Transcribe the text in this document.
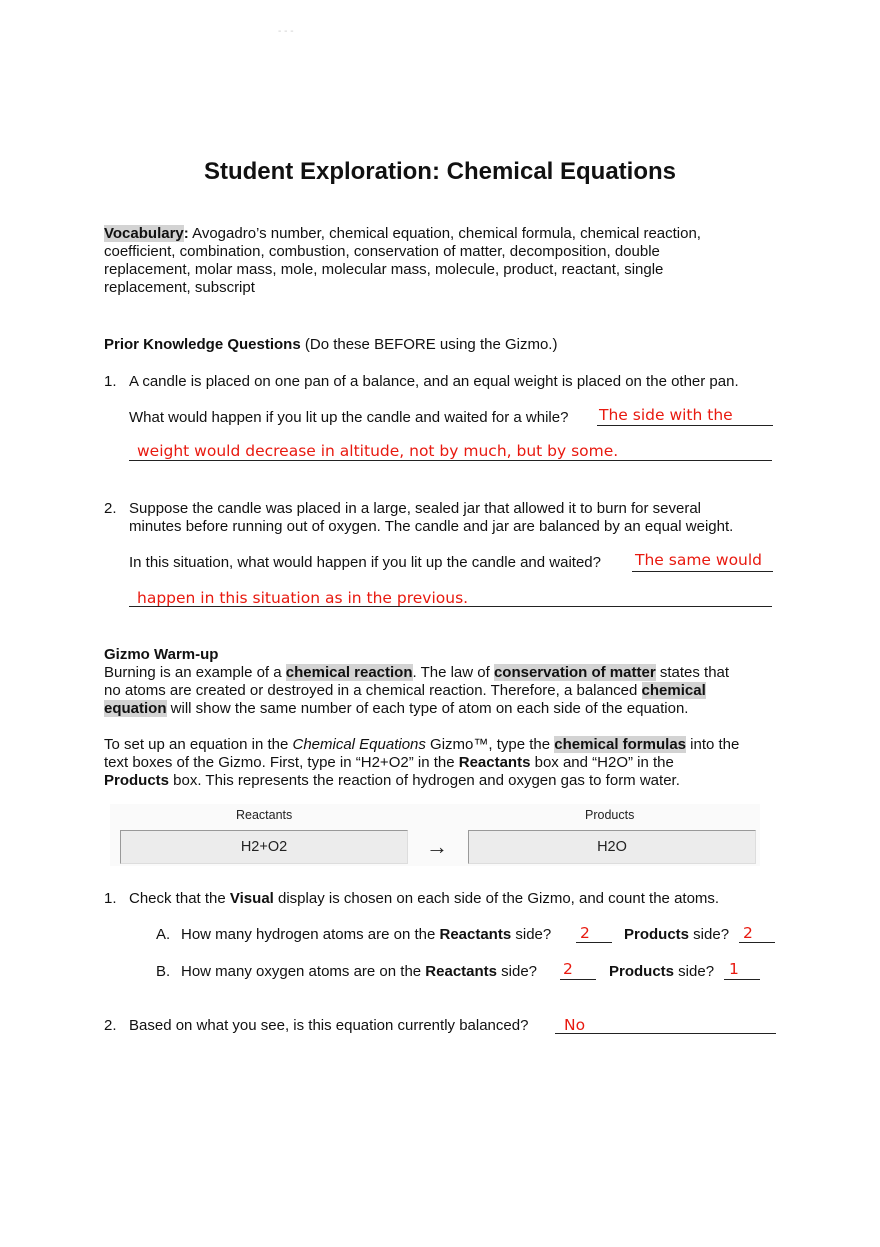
- - -
Student Exploration: Chemical Equations
Vocabulary: Avogadro’s number, chemical equation, chemical formula, chemical reaction,
coefficient, combination, combustion, conservation of matter, decomposition, double
replacement, molar mass, mole, molecular mass, molecule, product, reactant, single
replacement, subscript
Prior Knowledge Questions (Do these BEFORE using the Gizmo.)
1. A candle is placed on one pan of a balance, and an equal weight is placed on the other pan.
What would happen if you lit up the candle and waited for a while? The side with the
weight would decrease in altitude, not by much, but by some.
2. Suppose the candle was placed in a large, sealed jar that allowed it to burn for several
minutes before running out of oxygen. The candle and jar are balanced by an equal weight.
In this situation, what would happen if you lit up the candle and waited? The same would
happen in this situation as in the previous.
Gizmo Warm-up
Burning is an example of a chemical reaction. The law of conservation of matter states that
no atoms are created or destroyed in a chemical reaction. Therefore, a balanced chemical
equation will show the same number of each type of atom on each side of the equation.
To set up an equation in the Chemical Equations Gizmo™, type the chemical formulas into the
text boxes of the Gizmo. First, type in “H2+O2” in the Reactants box and “H2O” in the
Products box. This represents the reaction of hydrogen and oxygen gas to form water.
Reactants
H2+O2	→
Products
H2O
1. Check that the Visual display is chosen on each side of the Gizmo, and count the atoms.
A. How many hydrogen atoms are on the Reactants side? 2 Products side? 2
B. How many oxygen atoms are on the Reactants side? 2 Products side? 1
2. Based on what you see, is this equation currently balanced? No
